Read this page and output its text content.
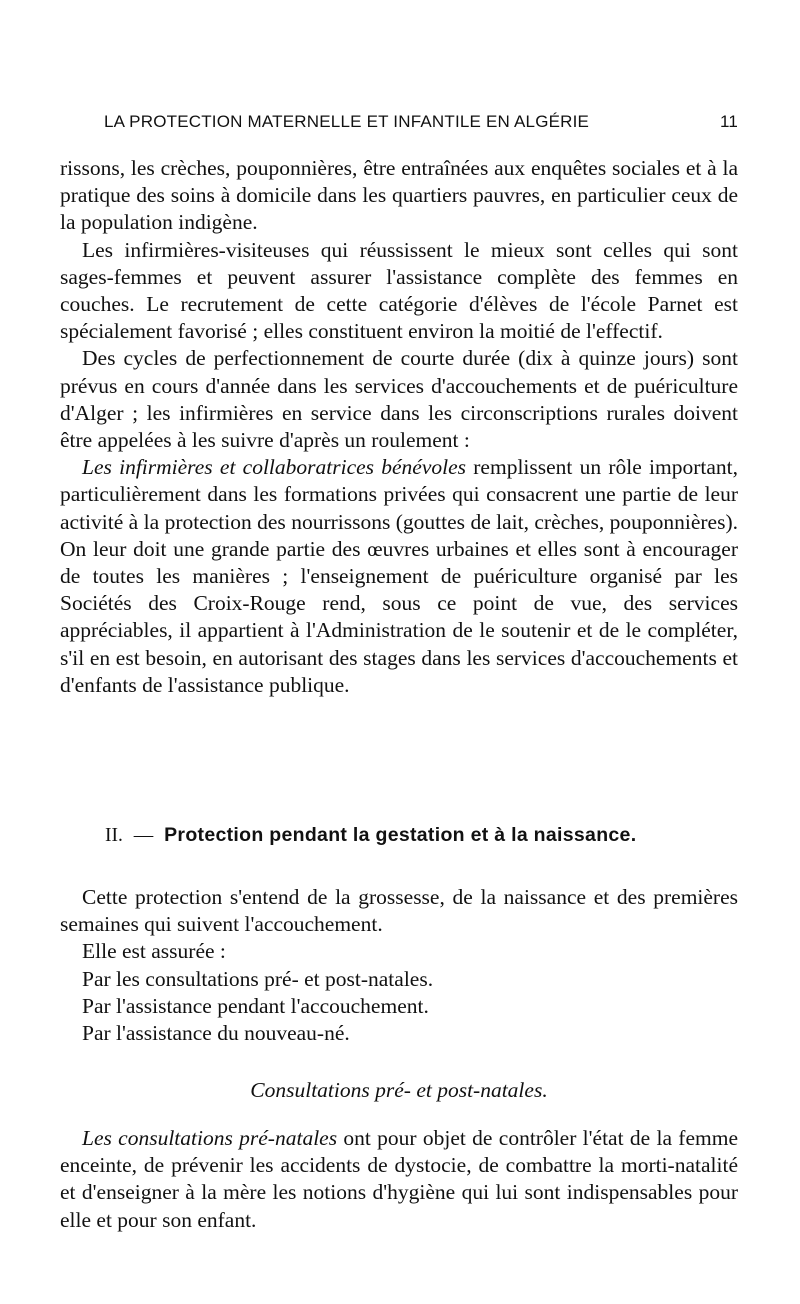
LA PROTECTION MATERNELLE ET INFANTILE EN ALGÉRIE	11

rissons, les crèches, pouponnières, être entraînées aux enquêtes sociales et à la pratique des soins à domicile dans les quartiers pauvres, en particulier ceux de la population indigène.

Les infirmières-visiteuses qui réussissent le mieux sont celles qui sont sages-femmes et peuvent assurer l'assistance complète des femmes en couches. Le recrutement de cette catégorie d'élèves de l'école Parnet est spécialement favorisé ; elles constituent environ la moitié de l'effectif.

Des cycles de perfectionnement de courte durée (dix à quinze jours) sont prévus en cours d'année dans les services d'accouchements et de puériculture d'Alger ; les infirmières en service dans les circonscriptions rurales doivent être appelées à les suivre d'après un roulement :

Les infirmières et collaboratrices bénévoles remplissent un rôle important, particulièrement dans les formations privées qui consacrent une partie de leur activité à la protection des nourrissons (gouttes de lait, crèches, pouponnières). On leur doit une grande partie des œuvres urbaines et elles sont à encourager de toutes les manières ; l'enseignement de puériculture organisé par les Sociétés des Croix-Rouge rend, sous ce point de vue, des services appréciables, il appartient à l'Administration de le soutenir et de le compléter, s'il en est besoin, en autorisant des stages dans les services d'accouchements et d'enfants de l'assistance publique.

II. — Protection pendant la gestation et à la naissance.

Cette protection s'entend de la grossesse, de la naissance et des premières semaines qui suivent l'accouchement.

Elle est assurée :

Par les consultations pré- et post-natales.

Par l'assistance pendant l'accouchement.

Par l'assistance du nouveau-né.

Consultations pré- et post-natales.

Les consultations pré-natales ont pour objet de contrôler l'état de la femme enceinte, de prévenir les accidents de dystocie, de combattre la morti-natalité et d'enseigner à la mère les notions d'hygiène qui lui sont indispensables pour elle et pour son enfant.
